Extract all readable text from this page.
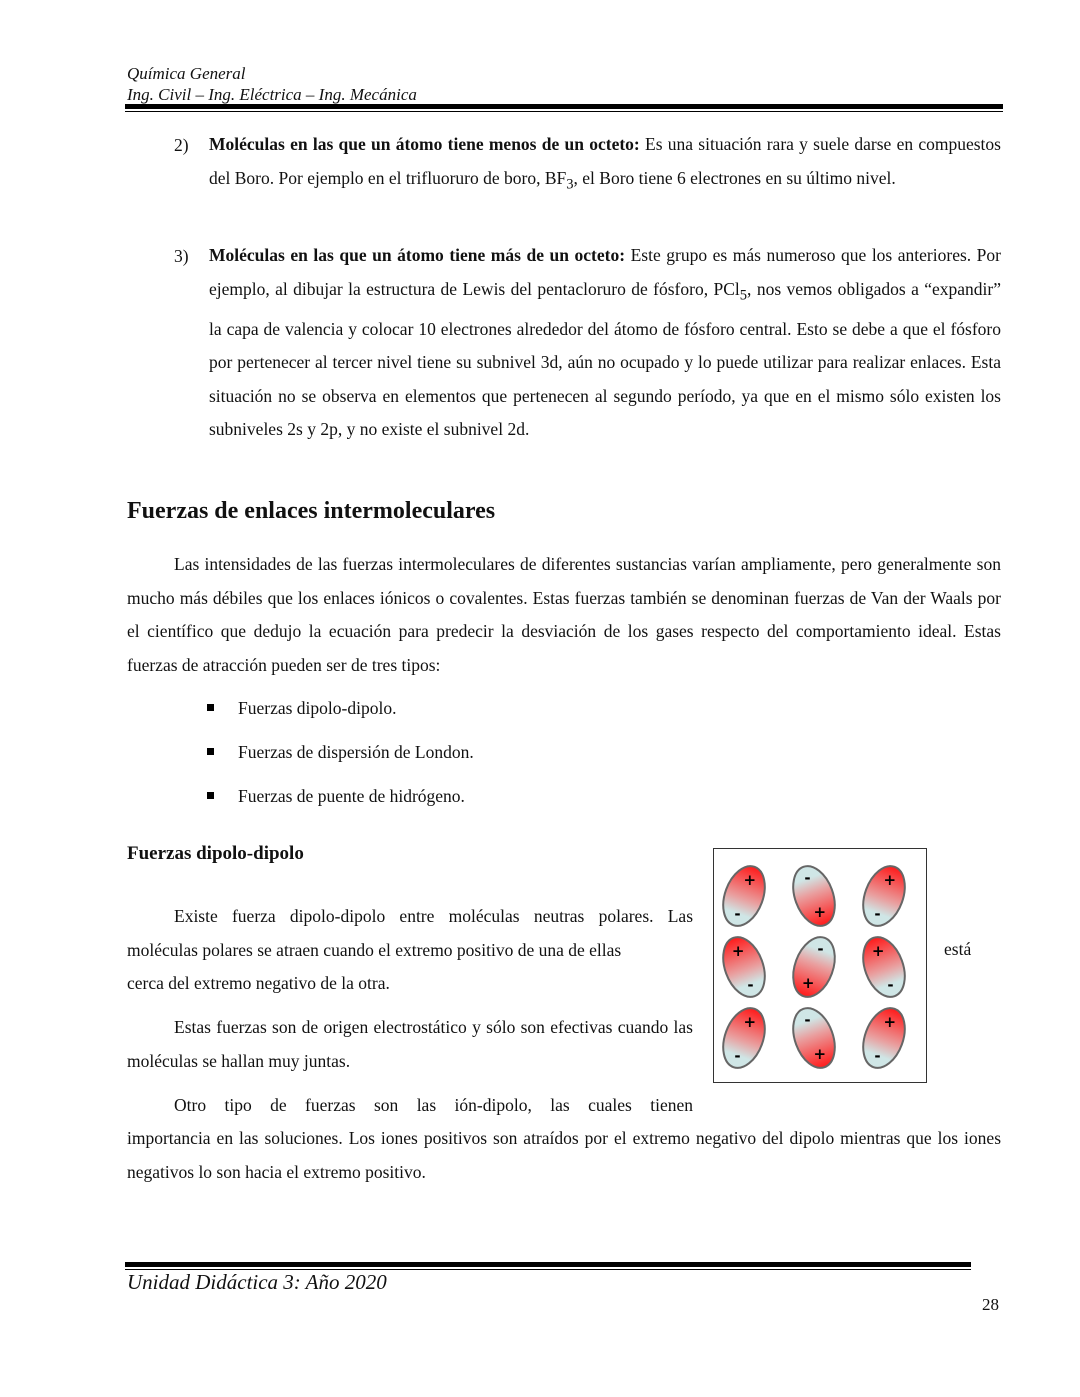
Química General
Ing. Civil – Ing. Eléctrica – Ing. Mecánica
2) Moléculas en las que un átomo tiene menos de un octeto: Es una situación rara y suele darse en compuestos del Boro. Por ejemplo en el trifluoruro de boro, $BF_3$, el Boro tiene 6 electrones en su último nivel.
3) Moléculas en las que un átomo tiene más de un octeto: Este grupo es más numeroso que los anteriores. Por ejemplo, al dibujar la estructura de Lewis del pentacloruro de fósforo, PCl$_5$, nos vemos obligados a “expandir” la capa de valencia y colocar 10 electrones alrededor del átomo de fósforo central. Esto se debe a que el fósforo por pertenecer al tercer nivel tiene su subnivel 3d, aún no ocupado y lo puede utilizar para realizar enlaces. Esta situación no se observa en elementos que pertenecen al segundo período, ya que en el mismo sólo existen los subniveles 2s y 2p, y no existe el subnivel 2d.
Fuerzas de enlaces intermoleculares
Las intensidades de las fuerzas intermoleculares de diferentes sustancias varían ampliamente, pero generalmente son mucho más débiles que los enlaces iónicos o covalentes. Estas fuerzas también se denominan fuerzas de Van der Waals por el científico que dedujo la ecuación para predecir la desviación de los gases respecto del comportamiento ideal. Estas fuerzas de atracción pueden ser de tres tipos:
Fuerzas dipolo-dipolo.
Fuerzas de dispersión de London.
Fuerzas de puente de hidrógeno.
Fuerzas dipolo-dipolo
Existe fuerza dipolo-dipolo entre moléculas neutras polares. Las moléculas polares se atraen cuando el extremo positivo de una de ellas	está
cerca del extremo negativo de la otra.
Estas fuerzas son de origen electrostático y sólo son efectivas cuando las moléculas se hallan muy juntas.
Otro tipo de fuerzas son las ión-dipolo, las cuales tienen
importancia en las soluciones. Los iones positivos son atraídos por el extremo negativo del dipolo mientras que los iones negativos lo son hacia el extremo positivo.
+
-	+
-	+
-
+
-	+
-	+
-
+
-	+
-	+
-
Unidad Didáctica 3: Año 2020
28
